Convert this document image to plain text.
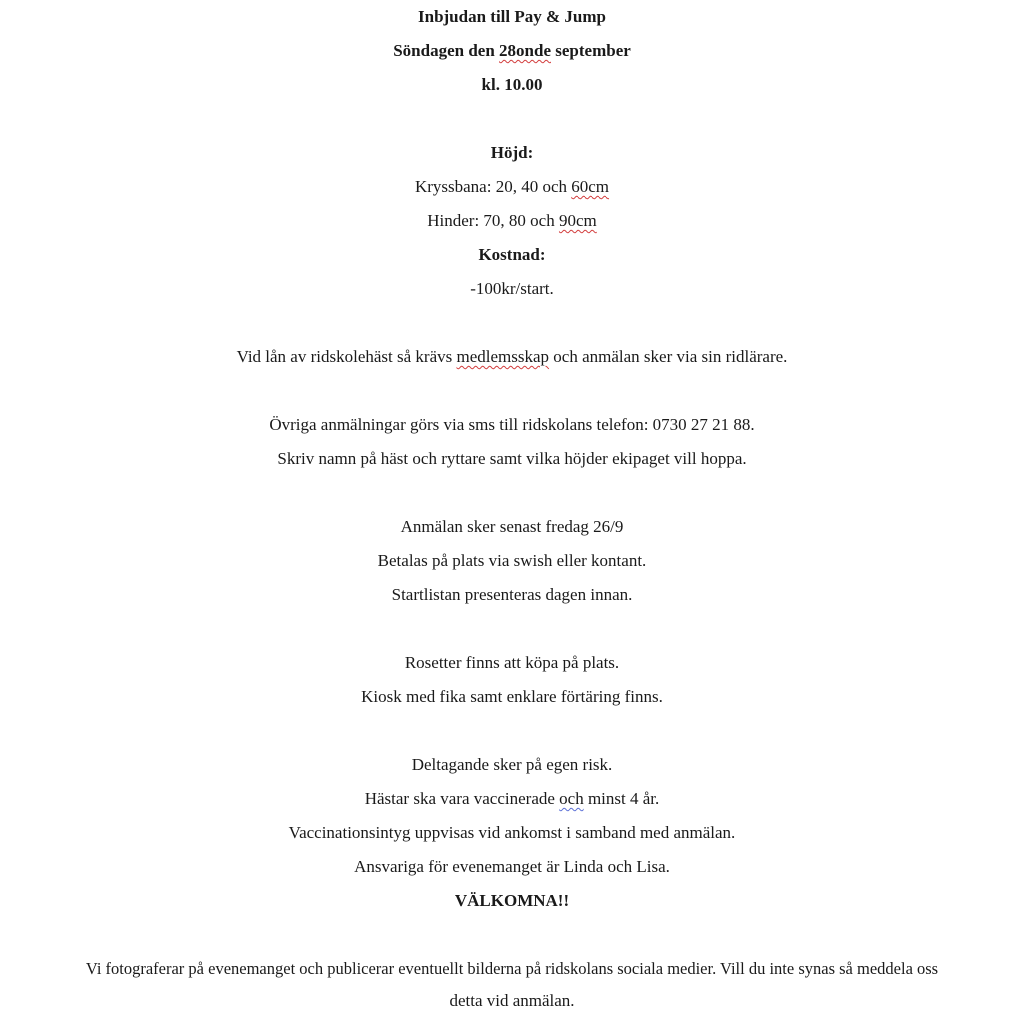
Inbjudan till Pay & Jump
Söndagen den 28onde september
kl. 10.00
Höjd:
Kryssbana: 20, 40 och 60cm
Hinder: 70, 80 och 90cm
Kostnad:
-100kr/start.
Vid lån av ridskolehäst så krävs medlemsskap och anmälan sker via sin ridlärare.
Övriga anmälningar görs via sms till ridskolans telefon: 0730 27 21 88.
Skriv namn på häst och ryttare samt vilka höjder ekipaget vill hoppa.
Anmälan sker senast fredag 26/9
Betalas på plats via swish eller kontant.
Startlistan presenteras dagen innan.
Rosetter finns att köpa på plats.
Kiosk med fika samt enklare förtäring finns.
Deltagande sker på egen risk.
Hästar ska vara vaccinerade och minst 4 år.
Vaccinationsintyg uppvisas vid ankomst i samband med anmälan.
Ansvariga för evenemanget är Linda och Lisa.
VÄLKOMNA!!
Vi fotograferar på evenemanget och publicerar eventuellt bilderna på ridskolans sociala medier. Vill du inte synas så meddela oss
detta vid anmälan.
